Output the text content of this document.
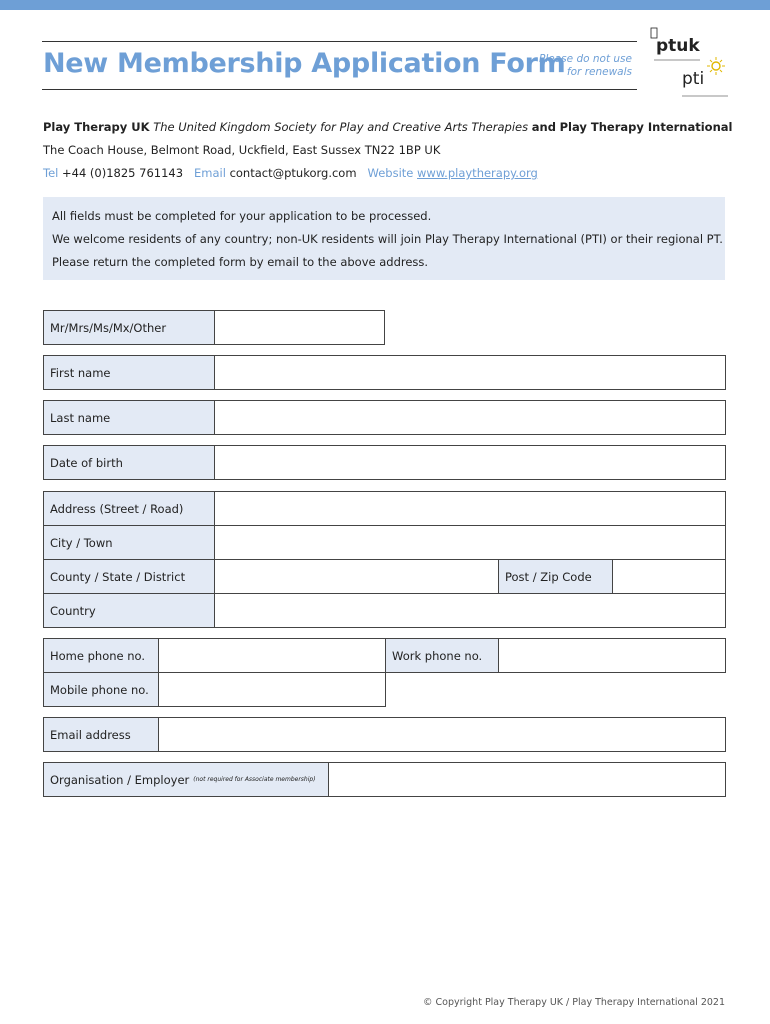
New Membership Application Form
Please do not use
for renewals
ptuk
pti
Play Therapy UK The United Kingdom Society for Play and Creative Arts Therapies and Play Therapy International
The Coach House, Belmont Road, Uckfield, East Sussex TN22 1BP UK
Tel +44 (0)1825 761143 Email contact@ptukorg.com Website www.playtherapy.org
All fields must be completed for your application to be processed.
We welcome residents of any country; non-UK residents will join Play Therapy International (PTI) or their regional PT.
Please return the completed form by email to the above address.
Mr/Mrs/Ms/Mx/Other
First name
Last name
Date of birth
Address (Street / Road)
City / Town
County / State / District	Post / Zip Code
Country
Home phone no.	Work phone no.
Mobile phone no.
Email address
Organisation / Employer (not required for Associate membership)
© Copyright Play Therapy UK / Play Therapy International 2021
